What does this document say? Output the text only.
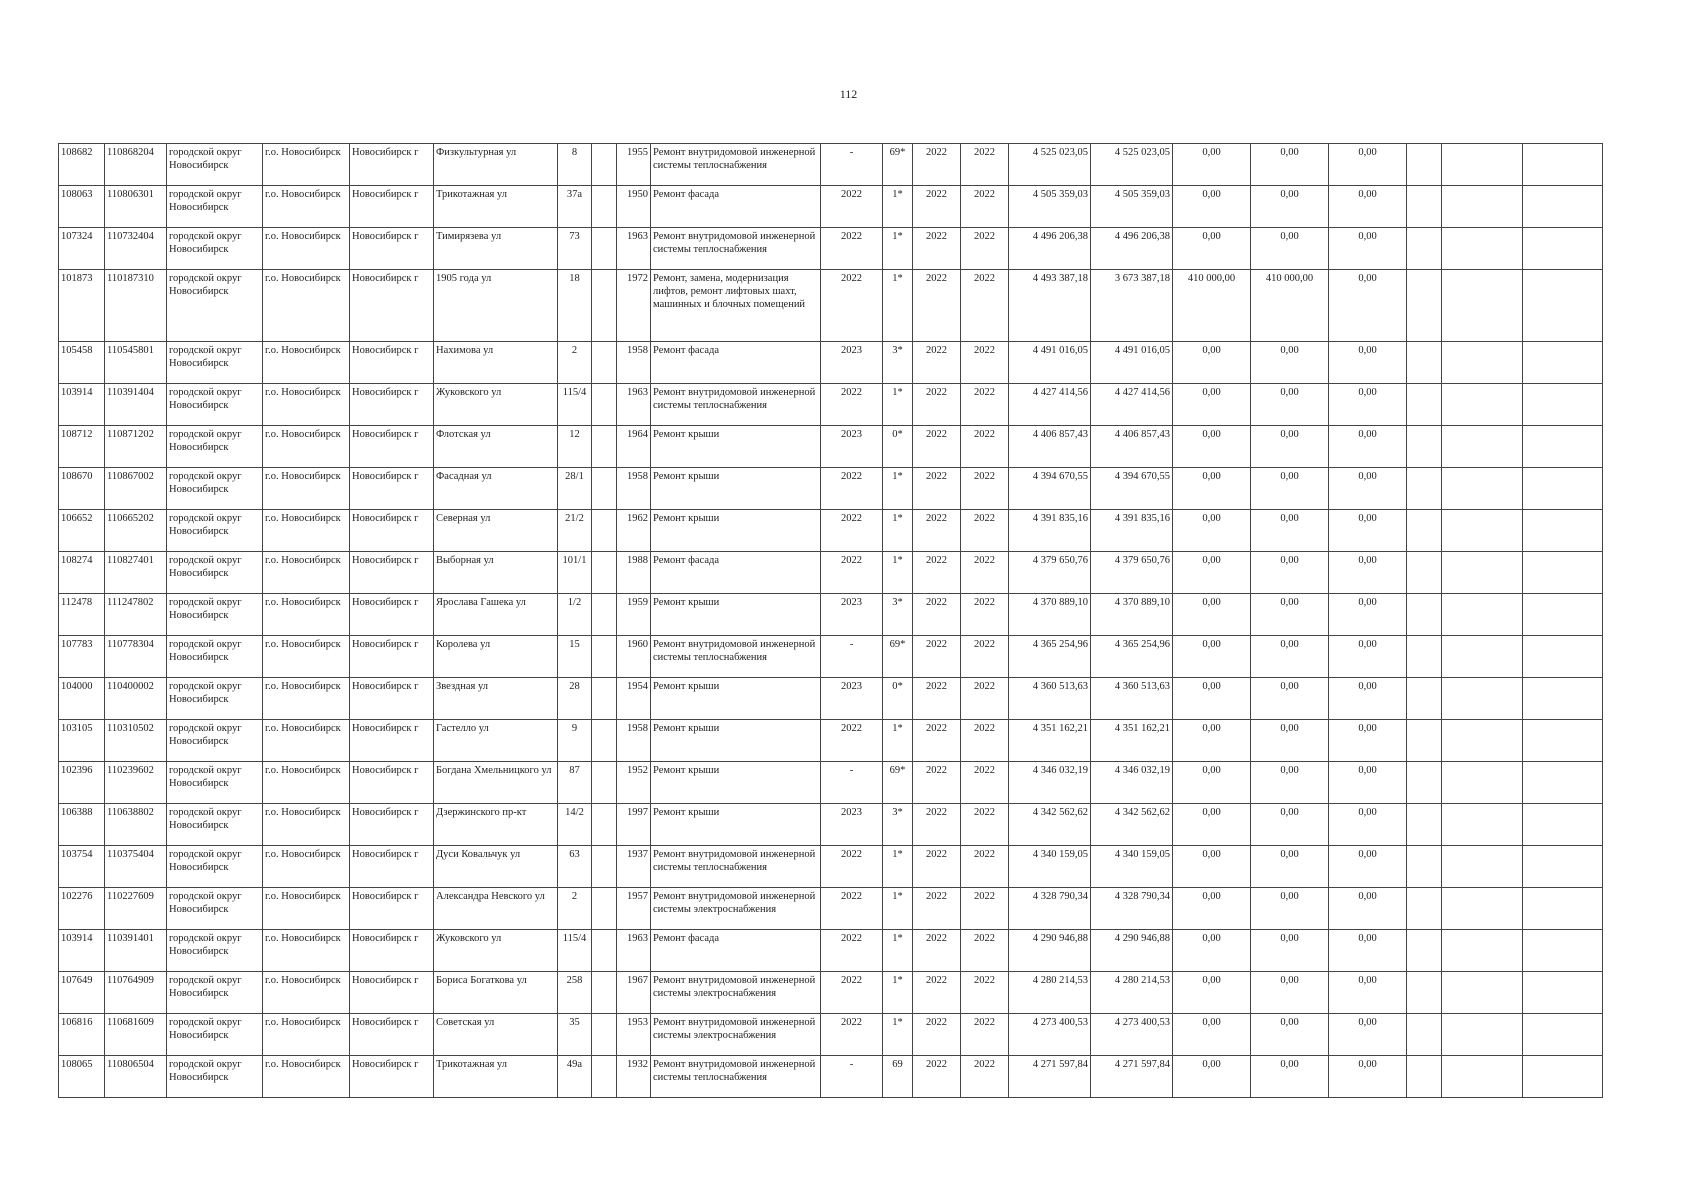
112
108682	110868204	городской округ Новосибирск	г.о. Новосибирск	Новосибирск г	Физкультурная ул	8		1955	Ремонт внутридомовой инженерной системы теплоснабжения	-	69*	2022	2022	4 525 023,05	4 525 023,05	0,00	0,00	0,00			
108063	110806301	городской округ Новосибирск	г.о. Новосибирск	Новосибирск г	Трикотажная ул	37а		1950	Ремонт фасада	2022	1*	2022	2022	4 505 359,03	4 505 359,03	0,00	0,00	0,00			
107324	110732404	городской округ Новосибирск	г.о. Новосибирск	Новосибирск г	Тимирязева ул	73		1963	Ремонт внутридомовой инженерной системы теплоснабжения	2022	1*	2022	2022	4 496 206,38	4 496 206,38	0,00	0,00	0,00			
101873	110187310	городской округ Новосибирск	г.о. Новосибирск	Новосибирск г	1905 года ул	18		1972	Ремонт, замена, модернизация лифтов, ремонт лифтовых шахт, машинных и блочных помещений	2022	1*	2022	2022	4 493 387,18	3 673 387,18	410 000,00	410 000,00	0,00			
105458	110545801	городской округ Новосибирск	г.о. Новосибирск	Новосибирск г	Нахимова ул	2		1958	Ремонт фасада	2023	3*	2022	2022	4 491 016,05	4 491 016,05	0,00	0,00	0,00			
103914	110391404	городской округ Новосибирск	г.о. Новосибирск	Новосибирск г	Жуковского ул	115/4		1963	Ремонт внутридомовой инженерной системы теплоснабжения	2022	1*	2022	2022	4 427 414,56	4 427 414,56	0,00	0,00	0,00			
108712	110871202	городской округ Новосибирск	г.о. Новосибирск	Новосибирск г	Флотская ул	12		1964	Ремонт крыши	2023	0*	2022	2022	4 406 857,43	4 406 857,43	0,00	0,00	0,00			
108670	110867002	городской округ Новосибирск	г.о. Новосибирск	Новосибирск г	Фасадная ул	28/1		1958	Ремонт крыши	2022	1*	2022	2022	4 394 670,55	4 394 670,55	0,00	0,00	0,00			
106652	110665202	городской округ Новосибирск	г.о. Новосибирск	Новосибирск г	Северная ул	21/2		1962	Ремонт крыши	2022	1*	2022	2022	4 391 835,16	4 391 835,16	0,00	0,00	0,00			
108274	110827401	городской округ Новосибирск	г.о. Новосибирск	Новосибирск г	Выборная ул	101/1		1988	Ремонт фасада	2022	1*	2022	2022	4 379 650,76	4 379 650,76	0,00	0,00	0,00			
112478	111247802	городской округ Новосибирск	г.о. Новосибирск	Новосибирск г	Ярослава Гашека ул	1/2		1959	Ремонт крыши	2023	3*	2022	2022	4 370 889,10	4 370 889,10	0,00	0,00	0,00			
107783	110778304	городской округ Новосибирск	г.о. Новосибирск	Новосибирск г	Королева ул	15		1960	Ремонт внутридомовой инженерной системы теплоснабжения	-	69*	2022	2022	4 365 254,96	4 365 254,96	0,00	0,00	0,00			
104000	110400002	городской округ Новосибирск	г.о. Новосибирск	Новосибирск г	Звездная ул	28		1954	Ремонт крыши	2023	0*	2022	2022	4 360 513,63	4 360 513,63	0,00	0,00	0,00			
103105	110310502	городской округ Новосибирск	г.о. Новосибирск	Новосибирск г	Гастелло ул	9		1958	Ремонт крыши	2022	1*	2022	2022	4 351 162,21	4 351 162,21	0,00	0,00	0,00			
102396	110239602	городской округ Новосибирск	г.о. Новосибирск	Новосибирск г	Богдана Хмельницкого ул	87		1952	Ремонт крыши	-	69*	2022	2022	4 346 032,19	4 346 032,19	0,00	0,00	0,00			
106388	110638802	городской округ Новосибирск	г.о. Новосибирск	Новосибирск г	Дзержинского пр-кт	14/2		1997	Ремонт крыши	2023	3*	2022	2022	4 342 562,62	4 342 562,62	0,00	0,00	0,00			
103754	110375404	городской округ Новосибирск	г.о. Новосибирск	Новосибирск г	Дуси Ковальчук ул	63		1937	Ремонт внутридомовой инженерной системы теплоснабжения	2022	1*	2022	2022	4 340 159,05	4 340 159,05	0,00	0,00	0,00			
102276	110227609	городской округ Новосибирск	г.о. Новосибирск	Новосибирск г	Александра Невского ул	2		1957	Ремонт внутридомовой инженерной системы электроснабжения	2022	1*	2022	2022	4 328 790,34	4 328 790,34	0,00	0,00	0,00			
103914	110391401	городской округ Новосибирск	г.о. Новосибирск	Новосибирск г	Жуковского ул	115/4		1963	Ремонт фасада	2022	1*	2022	2022	4 290 946,88	4 290 946,88	0,00	0,00	0,00			
107649	110764909	городской округ Новосибирск	г.о. Новосибирск	Новосибирск г	Бориса Богаткова ул	258		1967	Ремонт внутридомовой инженерной системы электроснабжения	2022	1*	2022	2022	4 280 214,53	4 280 214,53	0,00	0,00	0,00			
106816	110681609	городской округ Новосибирск	г.о. Новосибирск	Новосибирск г	Советская ул	35		1953	Ремонт внутридомовой инженерной системы электроснабжения	2022	1*	2022	2022	4 273 400,53	4 273 400,53	0,00	0,00	0,00			
108065	110806504	городской округ Новосибирск	г.о. Новосибирск	Новосибирск г	Трикотажная ул	49а		1932	Ремонт внутридомовой инженерной системы теплоснабжения	-	69	2022	2022	4 271 597,84	4 271 597,84	0,00	0,00	0,00			
